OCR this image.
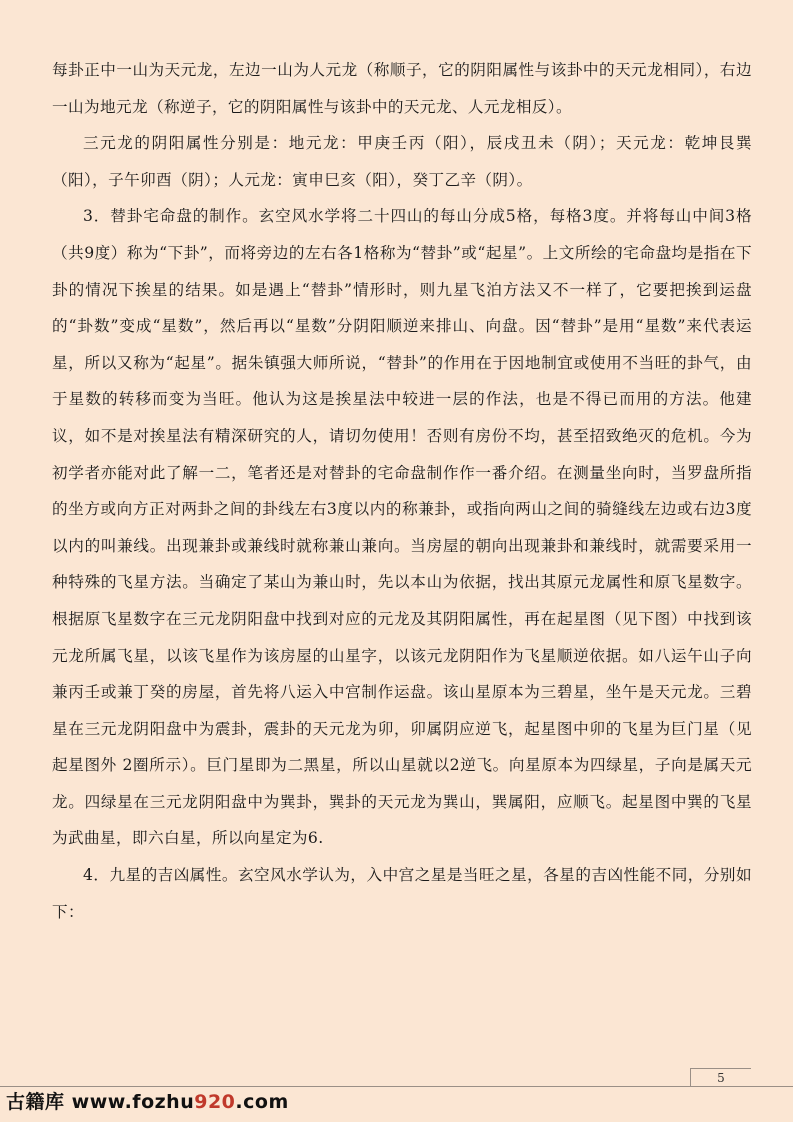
每卦正中一山为天元龙，左边一山为人元龙（称顺子，它的阴阳属性与该卦中的天元龙相同），右边一山为地元龙（称逆子，它的阴阳属性与该卦中的天元龙、人元龙相反）。

三元龙的阴阳属性分别是：地元龙：甲庚壬丙（阳），辰戌丑未（阴）；天元龙：乾坤艮巽（阳），子午卯酉（阴）；人元龙：寅申巳亥（阳），癸丁乙辛（阴）。

3．替卦宅命盘的制作。玄空风水学将二十四山的每山分成5格，每格3度。并将每山中间3格（共9度）称为“下卦”，而将旁边的左右各1格称为“替卦”或“起星”。上文所绘的宅命盘均是指在下卦的情况下挨星的结果。如是遇上“替卦”情形时，则九星飞泊方法又不一样了，它要把挨到运盘的“卦数”变成“星数”，然后再以“星数”分阴阳顺逆来排山、向盘。因“替卦”是用“星数”来代表运星，所以又称为“起星”。据朱镇强大师所说，“替卦”的作用在于因地制宜或使用不当旺的卦气，由于星数的转移而变为当旺。他认为这是挨星法中较进一层的作法，也是不得已而用的方法。他建议，如不是对挨星法有精深研究的人，请切勿使用！否则有房份不均，甚至招致绝灭的危机。今为初学者亦能对此了解一二，笔者还是对替卦的宅命盘制作作一番介绍。在测量坐向时，当罗盘所指的坐方或向方正对两卦之间的卦线左右3度以内的称兼卦，或指向两山之间的骑缝线左边或右边3度以内的叫兼线。出现兼卦或兼线时就称兼山兼向。当房屋的朝向出现兼卦和兼线时，就需要采用一种特殊的飞星方法。当确定了某山为兼山时，先以本山为依据，找出其原元龙属性和原飞星数字。根据原飞星数字在三元龙阴阳盘中找到对应的元龙及其阴阳属性，再在起星图（见下图）中找到该元龙所属飞星，以该飞星作为该房屋的山星字，以该元龙阴阳作为飞星顺逆依据。如八运午山子向兼丙壬或兼丁癸的房屋，首先将八运入中宫制作运盘。该山星原本为三碧星，坐午是天元龙。三碧星在三元龙阴阳盘中为震卦，震卦的天元龙为卯，卯属阴应逆飞，起星图中卯的飞星为巨门星（见起星图外 2圈所示）。巨门星即为二黑星，所以山星就以2逆飞。向星原本为四绿星，子向是属天元龙。四绿星在三元龙阴阳盘中为巽卦，巽卦的天元龙为巽山，巽属阳，应顺飞。起星图中巽的飞星为武曲星，即六白星，所以向星定为6.

4．九星的吉凶属性。玄空风水学认为，入中宫之星是当旺之星，各星的吉凶性能不同，分别如下：

5
古籍库 www.fozhu920.com
